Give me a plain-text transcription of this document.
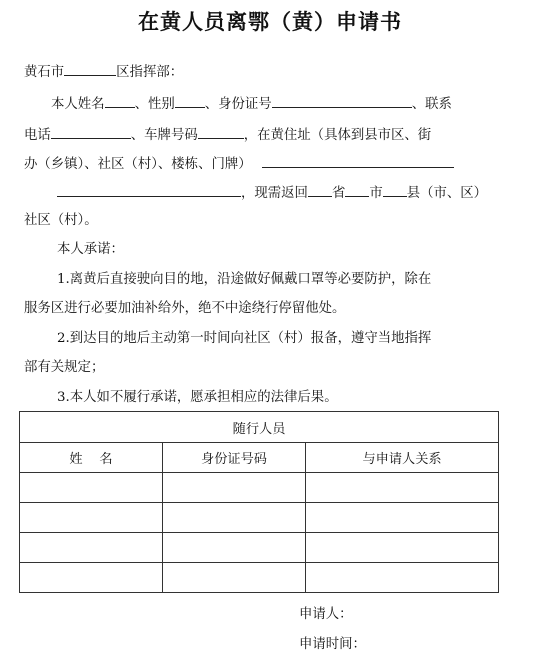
在黄人员离鄂（黄）申请书
黄石市	区指挥部：
本人姓名 、性别 、身份证号	、联系
电话	、车牌号码	，在黄住址（具体到县市区、街
办（乡镇）、社区（村）、楼栋、门牌）
，现需返回 省 市 县（市、区）
社区（村）。
本人承诺：
1.离黄后直接驶向目的地，沿途做好佩戴口罩等必要防护，除在
服务区进行必要加油补给外，绝不中途绕行停留他处。
2.到达目的地后主动第一时间向社区（村）报备，遵守当地指挥
部有关规定；
3.本人如不履行承诺，愿承担相应的法律后果。
随行人员		
姓    名	身份证号码	与申请人关系

申请人：
申请时间：
